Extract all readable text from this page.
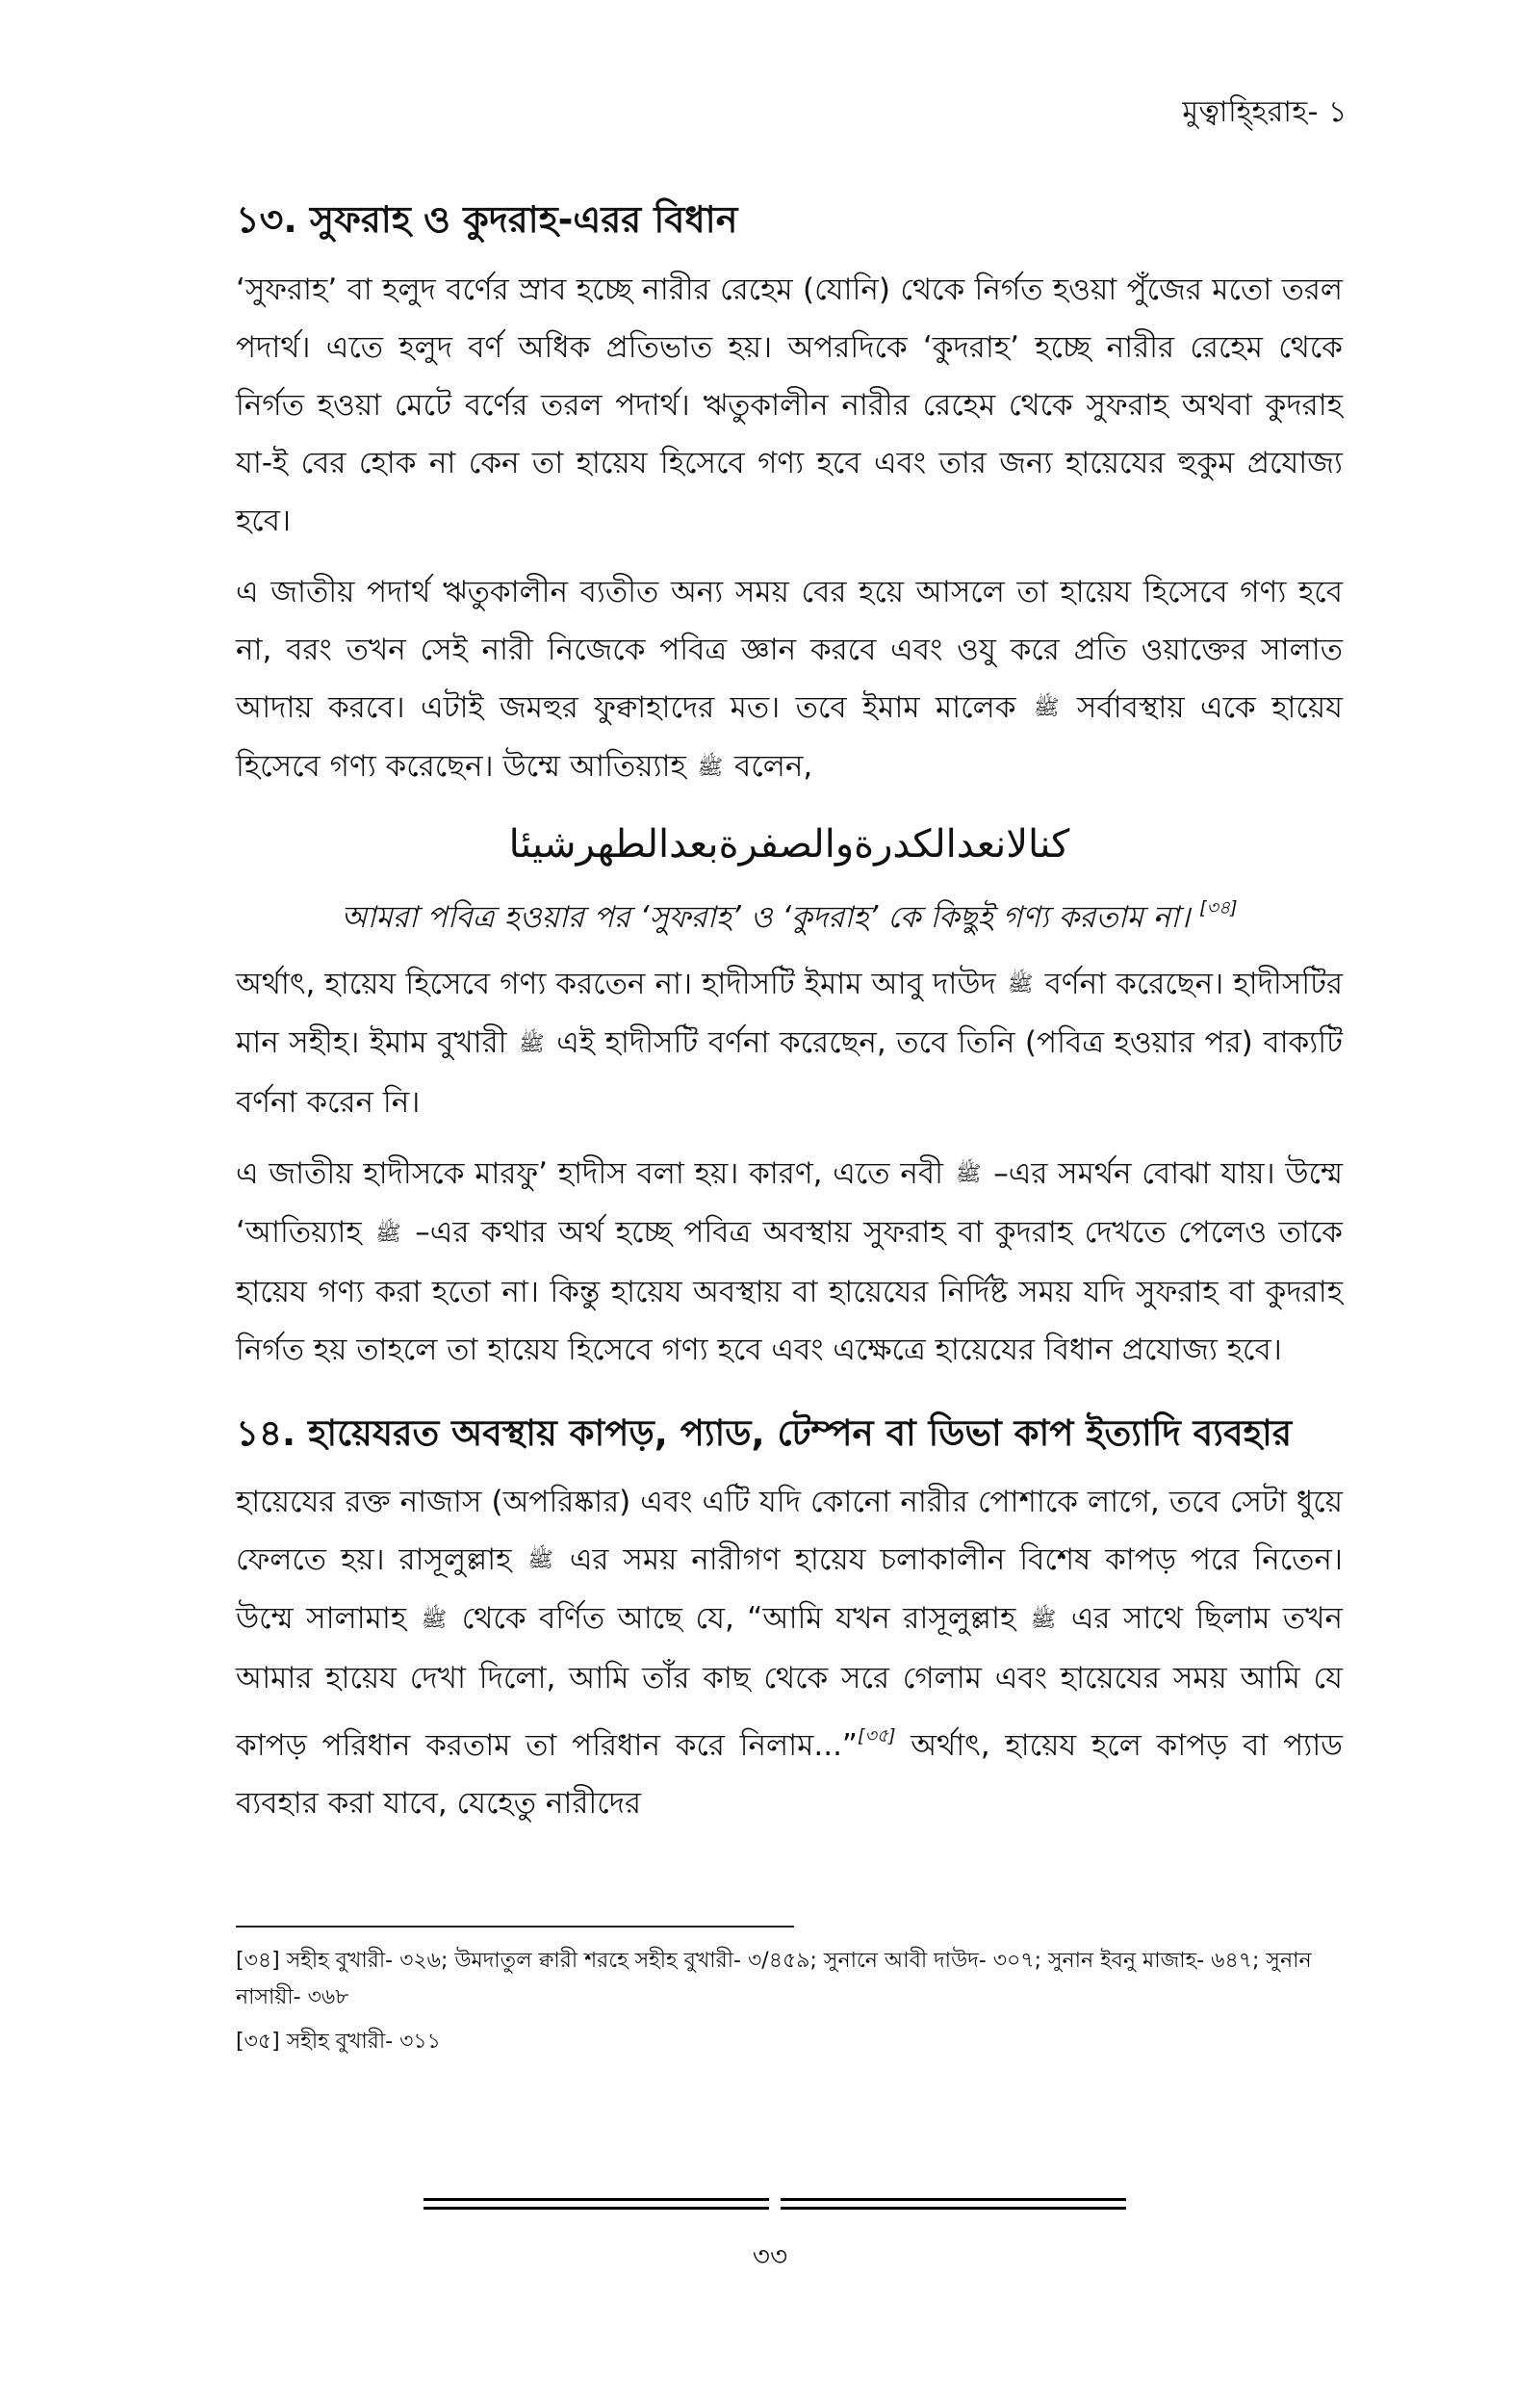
মুত্বাহ্হিরাহ- ১
১৩. সুফরাহ ও কুদরাহ-এরর বিধান

‘সুফরাহ’ বা হলুদ বর্ণের স্রাব হচ্ছে নারীর রেহেম (যোনি) থেকে নির্গত হওয়া পুঁজের মতো তরল পদার্থ। এতে হলুদ বর্ণ অধিক প্রতিভাত হয়। অপরদিকে ‘কুদরাহ’ হচ্ছে নারীর রেহেম থেকে নির্গত হওয়া মেটে বর্ণের তরল পদার্থ। ঋতুকালীন নারীর রেহেম থেকে সুফরাহ অথবা কুদরাহ যা-ই বের হোক না কেন তা হায়েয হিসেবে গণ্য হবে এবং তার জন্য হায়েযের হুকুম প্রযোজ্য হবে।

এ জাতীয় পদার্থ ঋতুকালীন ব্যতীত অন্য সময় বের হয়ে আসলে তা হায়েয হিসেবে গণ্য হবে না, বরং তখন সেই নারী নিজেকে পবিত্র জ্ঞান করবে এবং ওযু করে প্রতি ওয়াক্তের সালাত আদায় করবে। এটাই জমহুর ফুক্বাহাদের মত। তবে ইমাম মালেক ﷺ সর্বাবস্থায় একে হায়েয হিসেবে গণ্য করেছেন। উম্মে আতিয়্যাহ ﷺ বলেন,

كنالانعدالكدرةوالصفرةبعدالطهرشيئا
আমরা পবিত্র হওয়ার পর ‘সুফরাহ’ ও ‘কুদরাহ’ কে কিছুই গণ্য করতাম না। [৩৪]

অর্থাৎ, হায়েয হিসেবে গণ্য করতেন না। হাদীসটি ইমাম আবু দাউদ ﷺ বর্ণনা করেছেন। হাদীসটির মান সহীহ। ইমাম বুখারী ﷺ এই হাদীসটি বর্ণনা করেছেন, তবে তিনি (পবিত্র হওয়ার পর) বাক্যটি বর্ণনা করেন নি।

এ জাতীয় হাদীসকে মারফু’ হাদীস বলা হয়। কারণ, এতে নবী ﷺ –এর সমর্থন বোঝা যায়। উম্মে ‘আতিয়্যাহ ﷺ –এর কথার অর্থ হচ্ছে পবিত্র অবস্থায় সুফরাহ বা কুদরাহ দেখতে পেলেও তাকে হায়েয গণ্য করা হতো না। কিন্তু হায়েয অবস্থায় বা হায়েযের নির্দিষ্ট সময় যদি সুফরাহ বা কুদরাহ নির্গত হয় তাহলে তা হায়েয হিসেবে গণ্য হবে এবং এক্ষেত্রে হায়েযের বিধান প্রযোজ্য হবে।

১৪. হায়েযরত অবস্থায় কাপড়, প্যাড, টেম্পন বা ডিভা কাপ ইত্যাদি ব্যবহার

হায়েযের রক্ত নাজাস (অপরিষ্কার) এবং এটি যদি কোনো নারীর পোশাকে লাগে, তবে সেটা ধুয়ে ফেলতে হয়। রাসূলুল্লাহ ﷺ এর সময় নারীগণ হায়েয চলাকালীন বিশেষ কাপড় পরে নিতেন। উম্মে সালামাহ ﷺ থেকে বর্ণিত আছে যে, “আমি যখন রাসূলুল্লাহ ﷺ এর সাথে ছিলাম তখন আমার হায়েয দেখা দিলো, আমি তাঁর কাছ থেকে সরে গেলাম এবং হায়েযের সময় আমি যে কাপড় পরিধান করতাম তা পরিধান করে নিলাম...”[৩৫] অর্থাৎ, হায়েয হলে কাপড় বা প্যাড ব্যবহার করা যাবে, যেহেতু নারীদের

[৩৪] সহীহ বুখারী- ৩২৬; উমদাতুল ক্বারী শরহে সহীহ বুখারী- ৩/৪৫৯; সুনানে আবী দাউদ- ৩০৭; সুনান ইবনু মাজাহ- ৬৪৭; সুনান নাসায়ী- ৩৬৮
[৩৫] সহীহ বুখারী- ৩১১
৩৩
